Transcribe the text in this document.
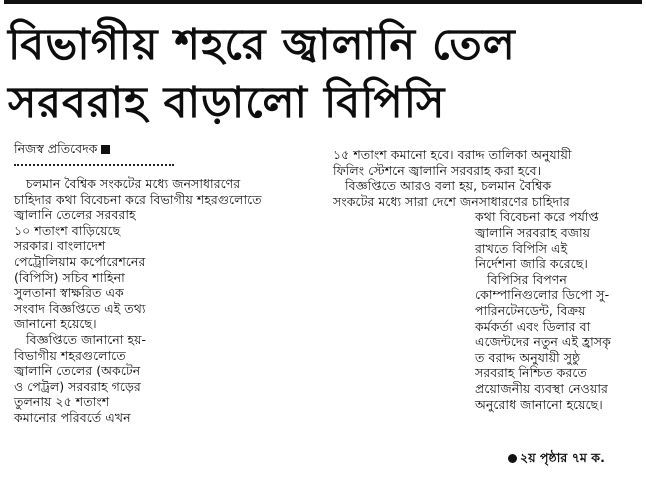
বিভাগীয় শহরে জ্বালানি তেল
সরবরাহ বাড়ালো বিপিসি
নিজস্ব প্রতিবেদক
চলমান বৈশ্বিক সংকটের মধ্যে জনসাধারণের
চাহিদার কথা বিবেচনা করে বিভাগীয় শহরগুলোতে
জ্বালানি তেলের সরবরাহ
১০ শতাংশ বাড়িয়েছে
সরকার। বাংলাদেশ
পেট্রোলিয়াম কর্পোরেশনের
(বিপিসি) সচিব শাহিনা
সুলতানা স্বাক্ষরিত এক
সংবাদ বিজ্ঞপ্তিতে এই তথ্য
জানানো হয়েছে।
বিজ্ঞপ্তিতে জানানো হয়-
বিভাগীয় শহরগুলোতে
জ্বালানি তেলের (অকটেন
ও পেট্রল) সরবরাহ গড়ের
তুলনায় ২৫ শতাংশ
কমানোর পরিবর্তে এখন
১৫ শতাংশ কমানো হবে। বরাদ্দ তালিকা অনুযায়ী
ফিলিং স্টেশনে জ্বালানি সরবরাহ করা হবে।
বিজ্ঞপ্তিতে আরও বলা হয়, চলমান বৈশ্বিক
সংকটের মধ্যে সারা দেশে জনসাধারণের চাহিদার
কথা বিবেচনা করে পর্যাপ্ত
জ্বালানি সরবরাহ বজায়
রাখতে বিপিসি এই
নির্দেশনা জারি করেছে।
বিপিসির বিপণন
কোম্পানিগুলোর ডিপো সু-
পারিনটেনডেন্ট, বিক্রয়
কর্মকর্তা এবং ডিলার বা
এজেন্টদের নতুন এই হ্রাসকৃ
ত বরাদ্দ অনুযায়ী সুষ্ঠু
সরবরাহ নিশ্চিত করতে
প্রয়োজনীয় ব্যবস্থা নেওয়ার
অনুরোধ জানানো হয়েছে।
২য় পৃষ্ঠার ৭ম ক.
